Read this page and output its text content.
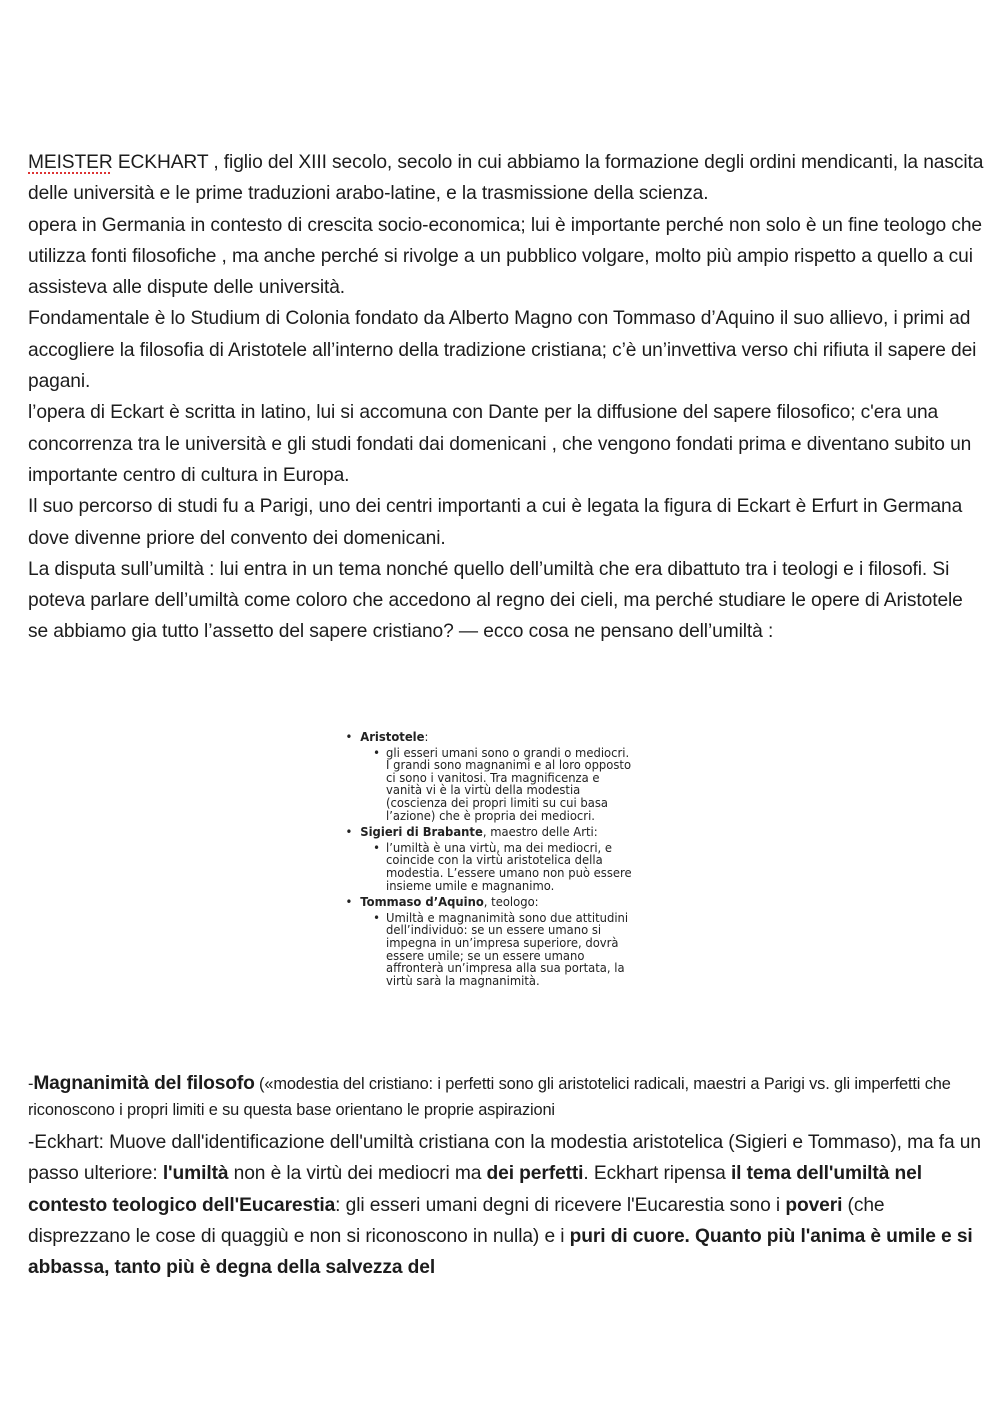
MEISTER ECKHART , figlio del XIII secolo, secolo in cui abbiamo la formazione degli ordini mendicanti, la nascita delle università e le prime traduzioni arabo-latine, e la trasmissione della scienza.

opera in Germania in contesto di crescita socio-economica; lui è importante perché non solo è un fine teologo che utilizza fonti filosofiche , ma anche perché si rivolge a un pubblico volgare, molto più ampio rispetto a quello a cui assisteva alle dispute delle università.

Fondamentale è lo Studium di Colonia fondato da Alberto Magno con Tommaso d’Aquino il suo allievo, i primi ad accogliere la filosofia di Aristotele all’interno della tradizione cristiana; c’è un’invettiva verso chi rifiuta il sapere dei pagani.

l’opera di Eckart è scritta in latino, lui si accomuna con Dante per la diffusione del sapere filosofico; c'era una concorrenza tra le università e gli studi fondati dai domenicani , che vengono fondati prima e diventano subito un importante centro di cultura in Europa.

Il suo percorso di studi fu a Parigi, uno dei centri importanti a cui è legata la figura di Eckart è Erfurt in Germana dove divenne priore del convento dei domenicani.

La disputa sull’umiltà : lui entra in un tema nonché quello dell’umiltà che era dibattuto tra i teologi e i filosofi. Si poteva parlare dell’umiltà come coloro che accedono al regno dei cieli, ma perché studiare le opere di Aristotele se abbiamo gia tutto l’assetto del sapere cristiano? — ecco cosa ne pensano dell’umiltà :

• Aristotele:
• gli esseri umani sono o grandi o mediocri. I grandi sono magnanimi e al loro opposto ci sono i vanitosi. Tra magnificenza e vanità vi è la virtù della modestia (coscienza dei propri limiti su cui basa l’azione) che è propria dei mediocri.
• Sigieri di Brabante, maestro delle Arti:
• l’umiltà è una virtù, ma dei mediocri, e coincide con la virtù aristotelica della modestia. L’essere umano non può essere insieme umile e magnanimo.
• Tommaso d’Aquino, teologo:
• Umiltà e magnanimità sono due attitudini dell’individuo: se un essere umano si impegna in un’impresa superiore, dovrà essere umile; se un essere umano affronterà un’impresa alla sua portata, la virtù sarà la magnanimità.

-Magnanimità del filosofo («modestia del cristiano: i perfetti sono gli aristotelici radicali, maestri a Parigi vs. gli imperfetti che riconoscono i propri limiti e su questa base orientano le proprie aspirazioni

-Eckhart: Muove dall'identificazione dell'umiltà cristiana con la modestia aristotelica (Sigieri e Tommaso), ma fa un passo ulteriore: l'umiltà non è la virtù dei mediocri ma dei perfetti. Eckhart ripensa il tema dell'umiltà nel contesto teologico dell'Eucarestia: gli esseri umani degni di ricevere l'Eucarestia sono i poveri (che disprezzano le cose di quaggiù e non si riconoscono in nulla) e i puri di cuore. Quanto più l'anima è umile e si abbassa, tanto più è degna della salvezza del
